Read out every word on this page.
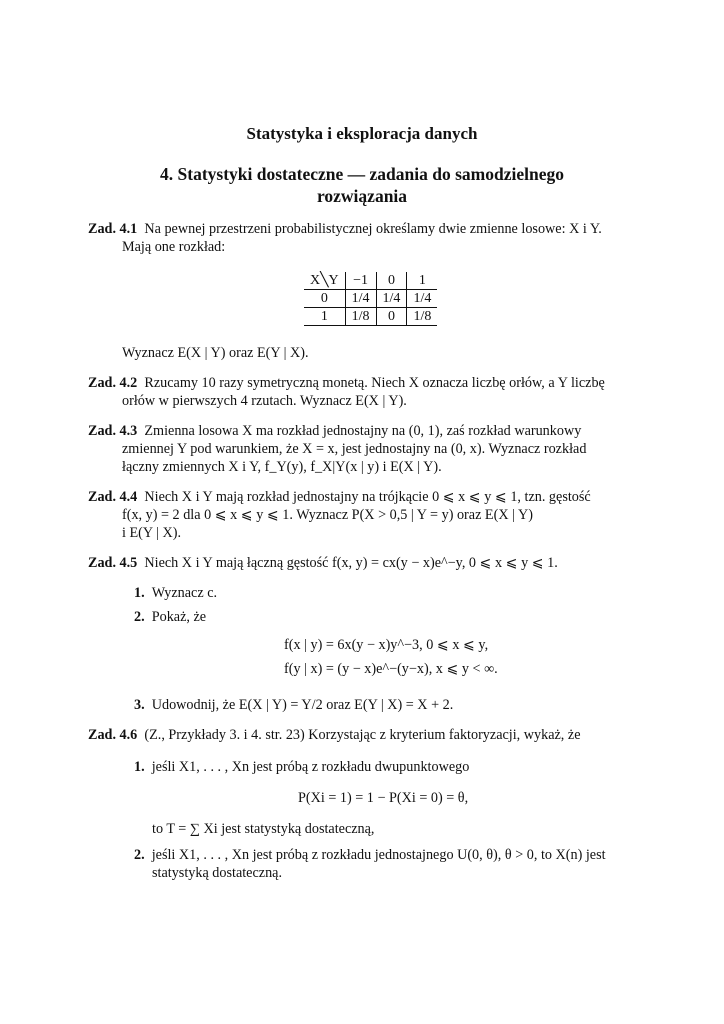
Statystyka i eksploracja danych
4. Statystyki dostateczne — zadania do samodzielnego
rozwiązania
Zad. 4.1 Na pewnej przestrzeni probabilistycznej określamy dwie zmienne losowe: X i Y.
Mają one rozkład:
X╲Y	−1	0	1
0	1/4	1/4	1/4
1	1/8	0	1/8
Wyznacz E(X | Y) oraz E(Y | X).
Zad. 4.2 Rzucamy 10 razy symetryczną monetą. Niech X oznacza liczbę orłów, a Y liczbę
orłów w pierwszych 4 rzutach. Wyznacz E(X | Y).
Zad. 4.3 Zmienna losowa X ma rozkład jednostajny na (0, 1), zaś rozkład warunkowy
zmiennej Y pod warunkiem, że X = x, jest jednostajny na (0, x). Wyznacz rozkład
łączny zmiennych X i Y, f_Y(y), f_X|Y(x | y) i E(X | Y).
Zad. 4.4 Niech X i Y mają rozkład jednostajny na trójkącie 0 ⩽ x ⩽ y ⩽ 1, tzn. gęstość
f(x, y) = 2 dla 0 ⩽ x ⩽ y ⩽ 1. Wyznacz P(X > 0,5 | Y = y) oraz E(X | Y)
i E(Y | X).
Zad. 4.5 Niech X i Y mają łączną gęstość f(x, y) = cx(y − x)e^−y, 0 ⩽ x ⩽ y ⩽ 1.
1. Wyznacz c.
2. Pokaż, że
f(x | y) = 6x(y − x)y^−3, 0 ⩽ x ⩽ y,
f(y | x) = (y − x)e^−(y−x), x ⩽ y < ∞.
3. Udowodnij, że E(X | Y) = Y/2 oraz E(Y | X) = X + 2.
Zad. 4.6 (Z., Przykłady 3. i 4. str. 23) Korzystając z kryterium faktoryzacji, wykaż, że
1. jeśli X1, . . . , Xn jest próbą z rozkładu dwupunktowego
P(Xi = 1) = 1 − P(Xi = 0) = θ,
to T = ∑ Xi jest statystyką dostateczną,
2. jeśli X1, . . . , Xn jest próbą z rozkładu jednostajnego U(0, θ), θ > 0, to X(n) jest
statystyką dostateczną.
